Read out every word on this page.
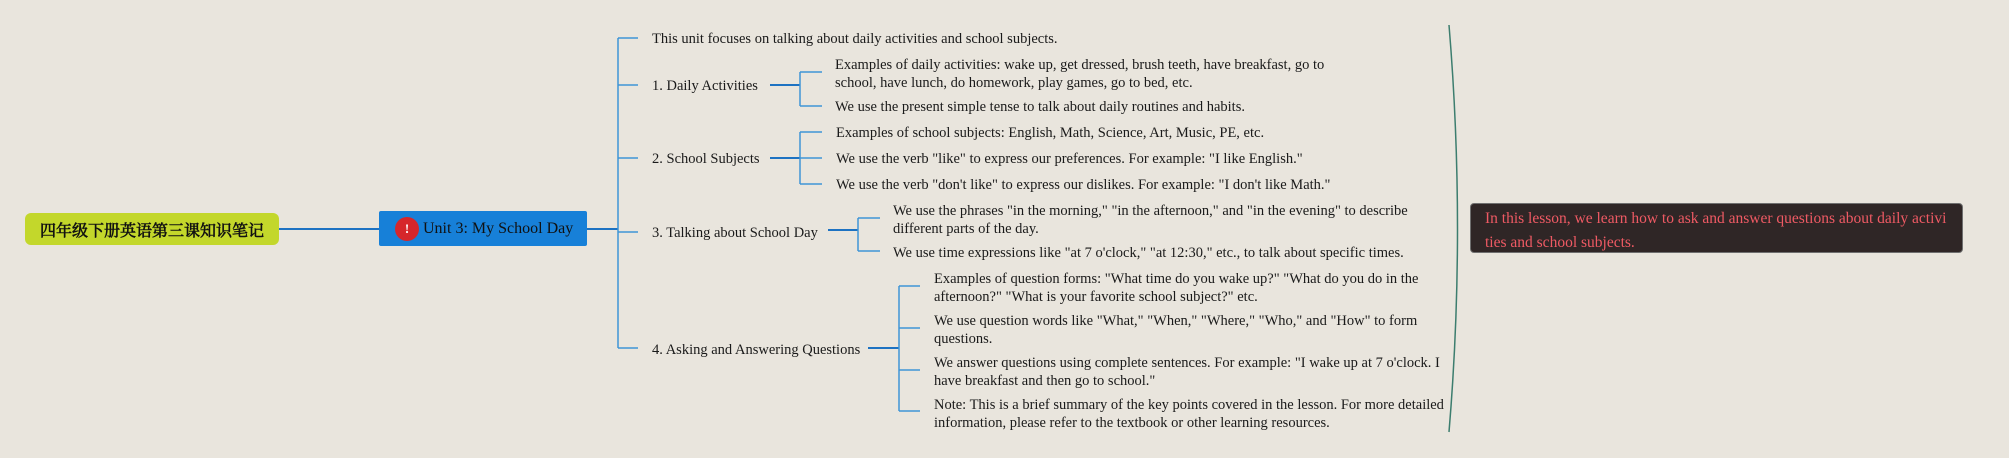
四年级下册英语第三课知识笔记	! Unit 3: My School Day
This unit focuses on talking about daily activities and school subjects.
1. Daily Activities
Examples of daily activities: wake up, get dressed, brush teeth, have breakfast, go to school, have lunch, do homework, play games, go to bed, etc.
We use the present simple tense to talk about daily routines and habits.
2. School Subjects
Examples of school subjects: English, Math, Science, Art, Music, PE, etc.
We use the verb "like" to express our preferences. For example: "I like English."
We use the verb "don't like" to express our dislikes. For example: "I don't like Math."
3. Talking about School Day
We use the phrases "in the morning," "in the afternoon," and "in the evening" to describe different parts of the day.
We use time expressions like "at 7 o'clock," "at 12:30," etc., to talk about specific times.
4. Asking and Answering Questions
Examples of question forms: "What time do you wake up?" "What do you do in the afternoon?" "What is your favorite school subject?" etc.
We use question words like "What," "When," "Where," "Who," and "How" to form questions.
We answer questions using complete sentences. For example: "I wake up at 7 o'clock. I have breakfast and then go to school."
Note: This is a brief summary of the key points covered in the lesson. For more detailed information, please refer to the textbook or other learning resources.
In this lesson, we learn how to ask and answer questions about daily activities and school subjects.
